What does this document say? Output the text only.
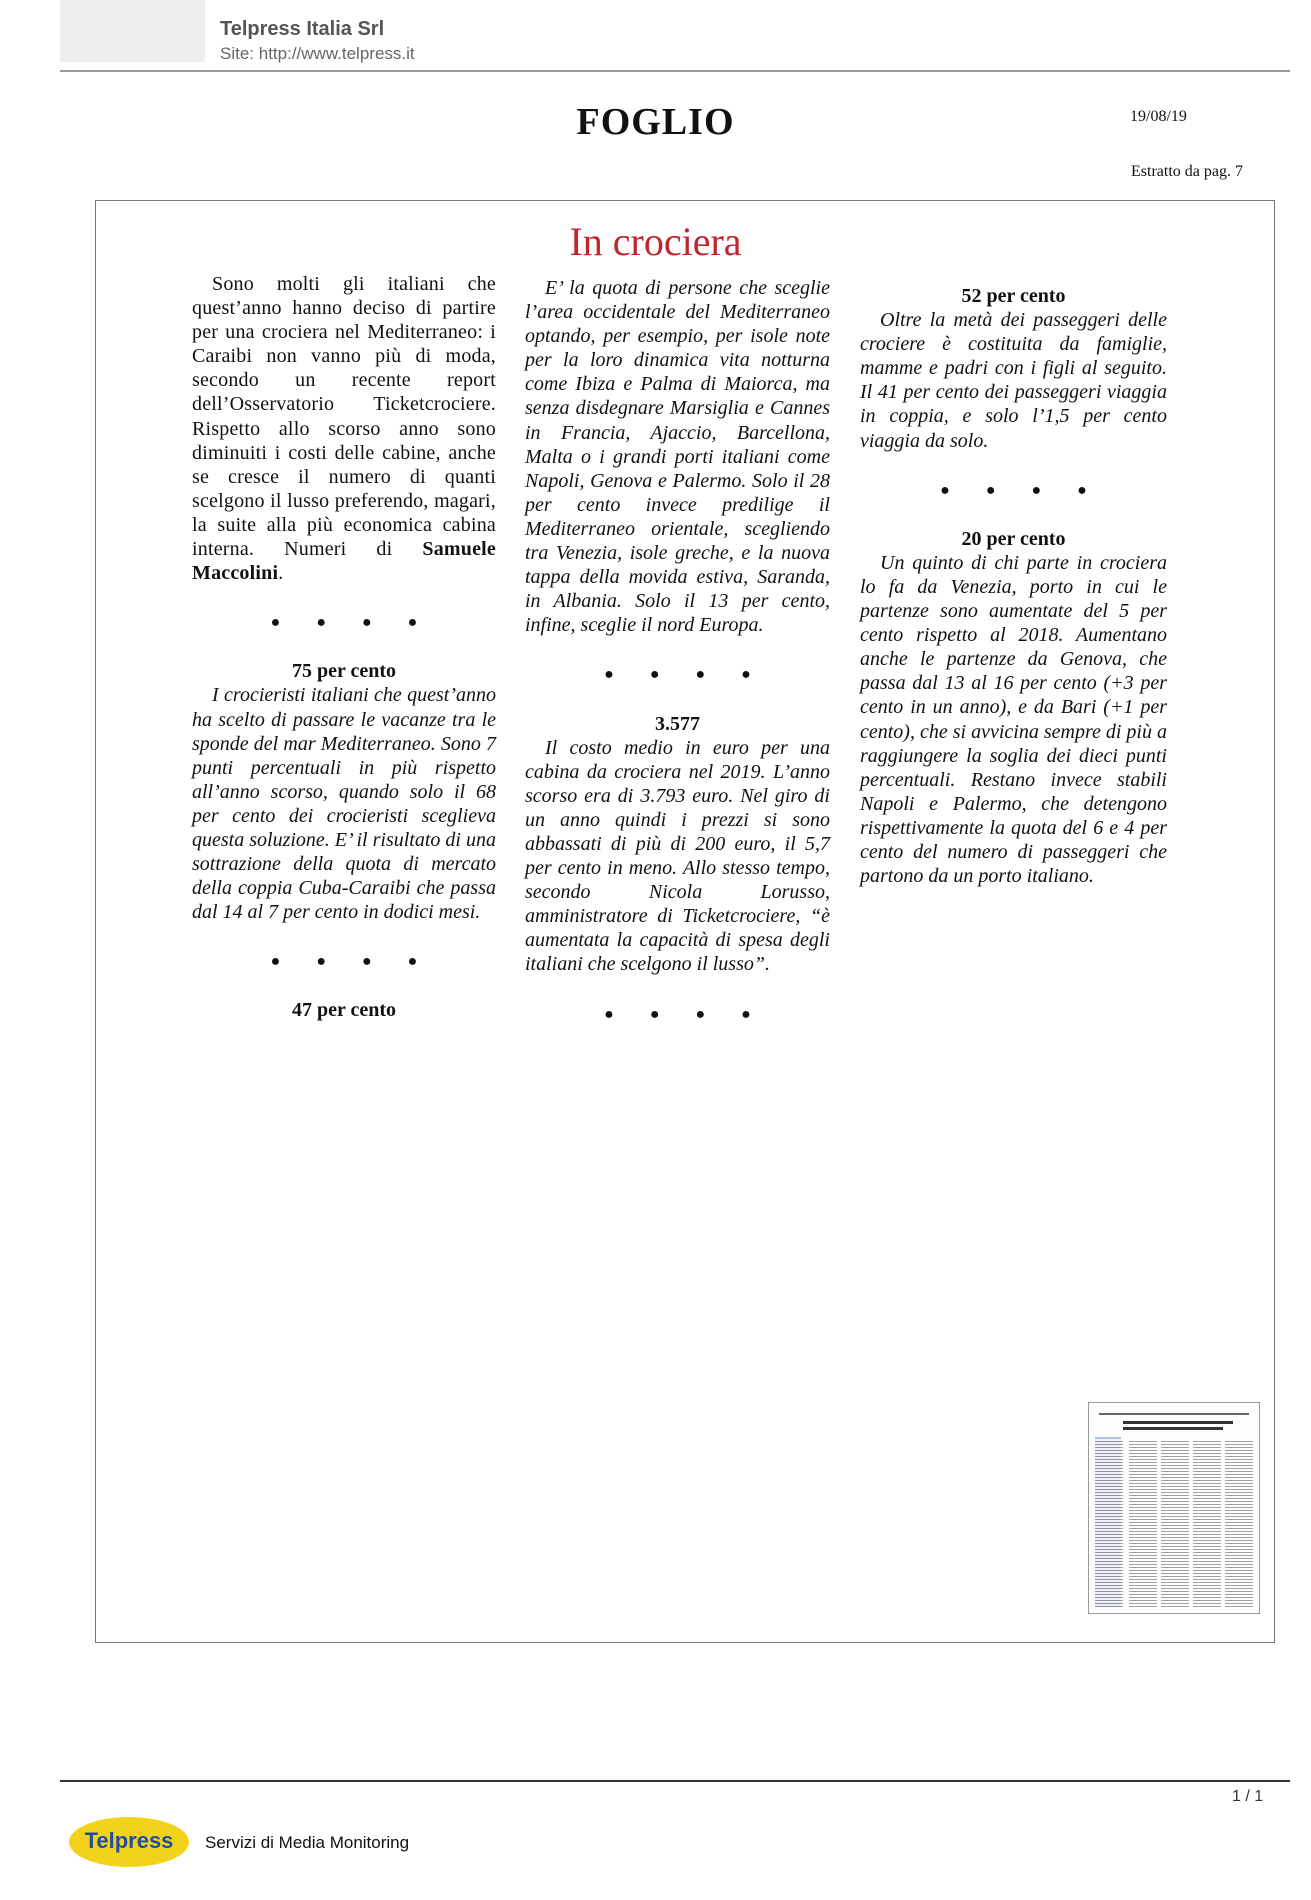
Telpress Italia Srl
Site: http://www.telpress.it
FOGLIO	19/08/19
Estratto da pag. 7
In crociera

Sono molti gli italiani che quest’anno hanno deciso di partire per una crociera nel Mediterraneo: i Caraibi non vanno più di moda, secondo un recente report dell’Osservatorio Ticketcrociere. Rispetto allo scorso anno sono diminuiti i costi delle cabine, anche se cresce il numero di quanti scelgono il lusso preferendo, magari, la suite alla più economica cabina interna. Numeri di Samuele Maccolini.

● ● ● ●

75 per cento

I crocieristi italiani che quest’anno ha scelto di passare le vacanze tra le sponde del mar Mediterraneo. Sono 7 punti percentuali in più rispetto all’anno scorso, quando solo il 68 per cento dei crocieristi sceglieva questa soluzione. E’ il risultato di una sottrazione della quota di mercato della coppia Cuba-Caraibi che passa dal 14 al 7 per cento in dodici mesi.

● ● ● ●

47 per cento

E’ la quota di persone che sceglie l’area occidentale del Mediterraneo optando, per esempio, per isole note per la loro dinamica vita notturna come Ibiza e Palma di Maiorca, ma senza disdegnare Marsiglia e Cannes in Francia, Ajaccio, Barcellona, Malta o i grandi porti italiani come Napoli, Genova e Palermo. Solo il 28 per cento invece predilige il Mediterraneo orientale, scegliendo tra Venezia, isole greche, e la nuova tappa della movida estiva, Saranda, in Albania. Solo il 13 per cento, infine, sceglie il nord Europa.

● ● ● ●

3.577

Il costo medio in euro per una cabina da crociera nel 2019. L’anno scorso era di 3.793 euro. Nel giro di un anno quindi i prezzi si sono abbassati di più di 200 euro, il 5,7 per cento in meno. Allo stesso tempo, secondo Nicola Lorusso, amministratore di Ticketcrociere, “è aumentata la capacità di spesa degli italiani che scelgono il lusso”.

● ● ● ●

52 per cento

Oltre la metà dei passeggeri delle crociere è costituita da famiglie, mamme e padri con i figli al seguito. Il 41 per cento dei passeggeri viaggia in coppia, e solo l’1,5 per cento viaggia da solo.

● ● ● ●

20 per cento

Un quinto di chi parte in crociera lo fa da Venezia, porto in cui le partenze sono aumentate del 5 per cento rispetto al 2018. Aumentano anche le partenze da Genova, che passa dal 13 al 16 per cento (+3 per cento in un anno), e da Bari (+1 per cento), che si avvicina sempre di più a raggiungere la soglia dei dieci punti percentuali. Restano invece stabili Napoli e Palermo, che detengono rispettivamente la quota del 6 e 4 per cento del numero di passeggeri che partono da un porto italiano.

1 / 1
Telpress Servizi di Media Monitoring
